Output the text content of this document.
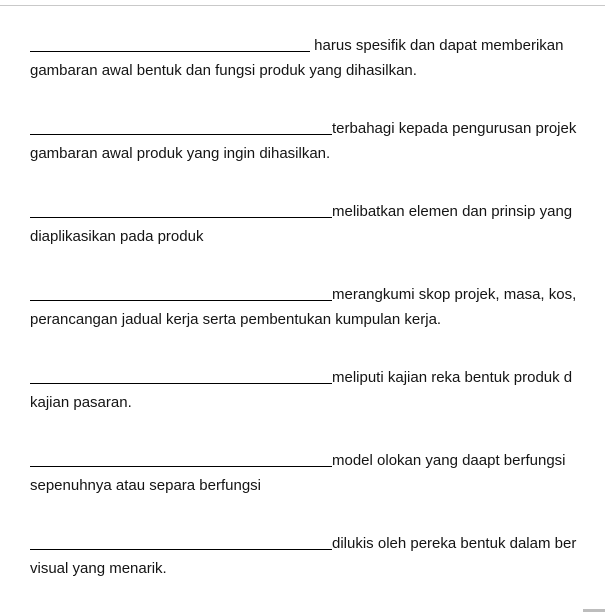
harus spesifik dan dapat memberikan
gambaran awal bentuk dan fungsi produk yang dihasilkan.
terbahagi kepada pengurusan projek
gambaran awal produk yang ingin dihasilkan.
melibatkan elemen dan prinsip yang
diaplikasikan pada produk
merangkumi skop projek, masa, kos,
perancangan jadual kerja serta pembentukan kumpulan kerja.
meliputi kajian reka bentuk produk d
kajian pasaran.
model olokan yang daapt berfungsi
sepenuhnya atau separa berfungsi
dilukis oleh pereka bentuk dalam ber
visual yang menarik.
